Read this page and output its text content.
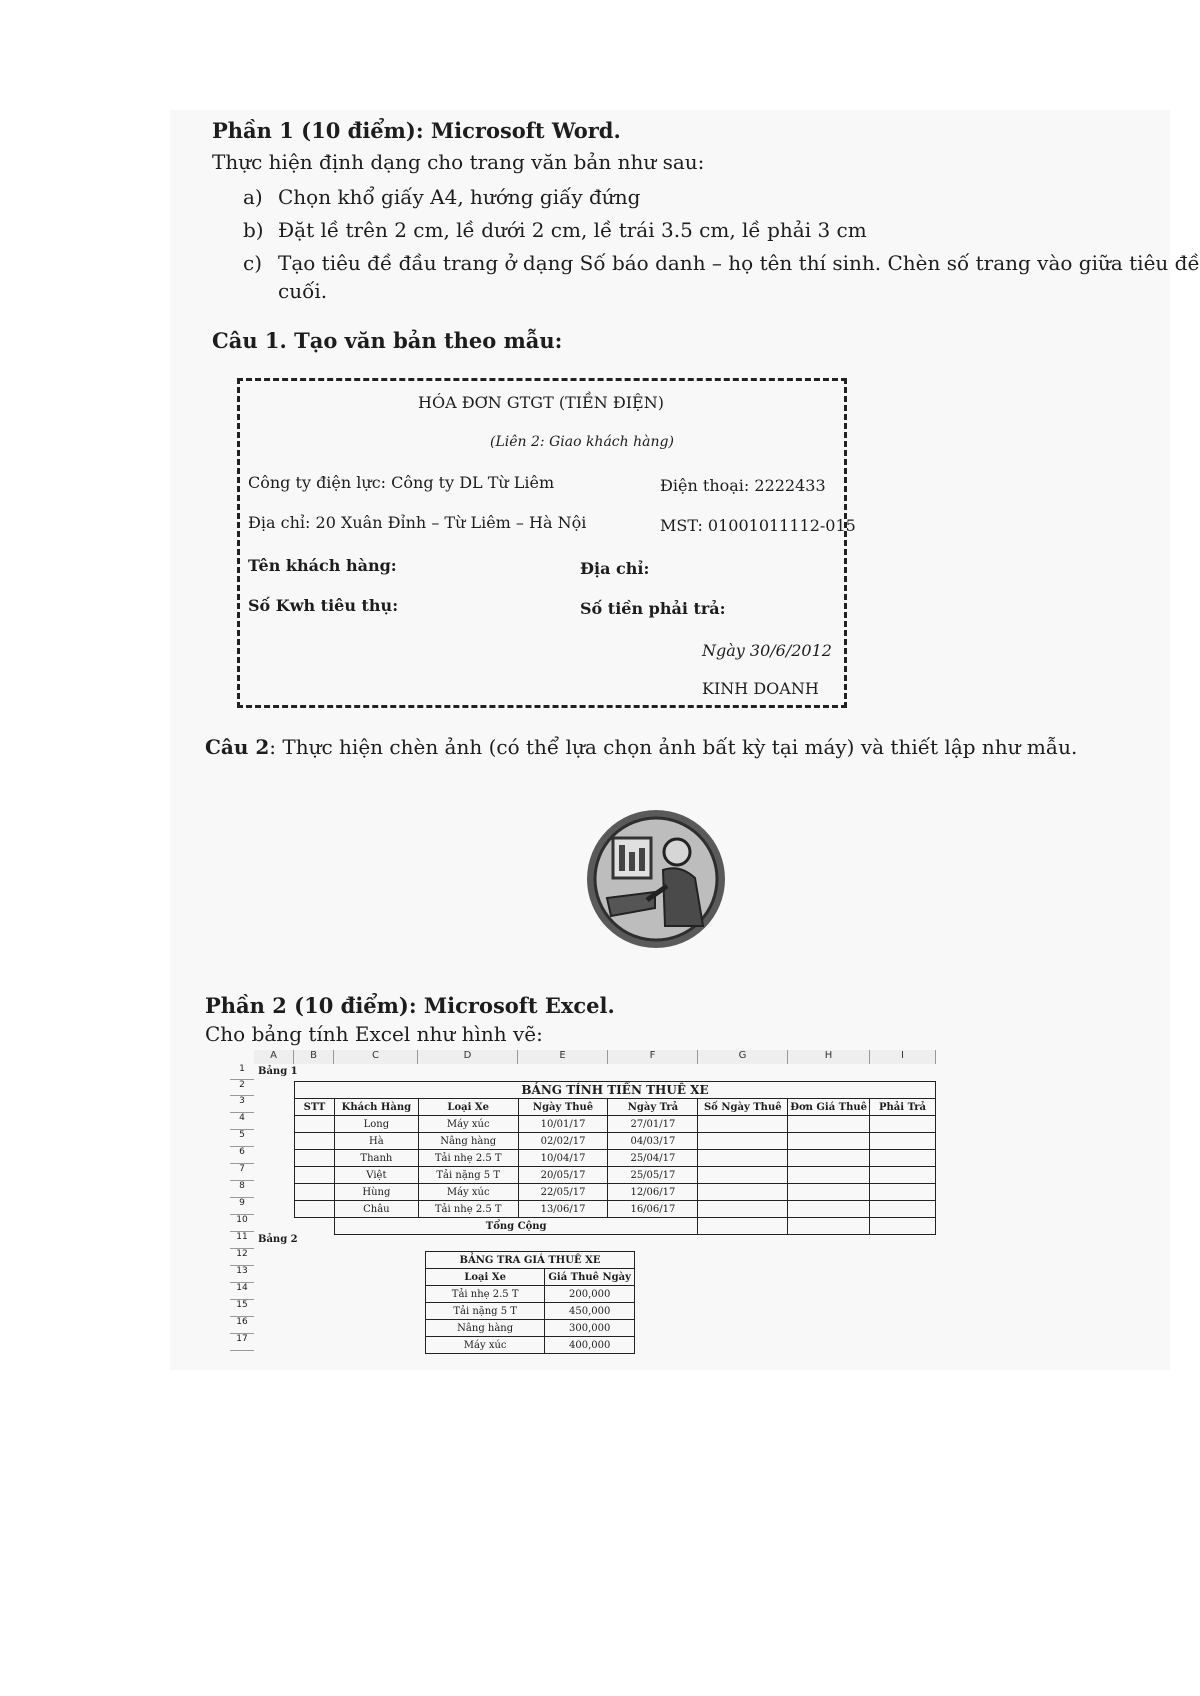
Phần 1 (10 điểm): Microsoft Word.
Thực hiện định dạng cho trang văn bản như sau:
a) Chọn khổ giấy A4, hướng giấy đứng
b) Đặt lề trên 2 cm, lề dưới 2 cm, lề trái 3.5 cm, lề phải 3 cm
c) Tạo tiêu đề đầu trang ở dạng Số báo danh – họ tên thí sinh. Chèn số trang vào giữa tiêu đề
cuối.
Câu 1. Tạo văn bản theo mẫu:
HÓA ĐƠN GTGT (TIỀN ĐIỆN)
(Liên 2: Giao khách hàng)
Công ty điện lực: Công ty DL Từ Liêm	Điện thoại: 2222433
Địa chỉ: 20 Xuân Đỉnh – Từ Liêm – Hà Nội	MST: 01001011112-015
Tên khách hàng:	Địa chỉ:
Số Kwh tiêu thụ:	Số tiền phải trả:
Ngày 30/6/2012
KINH DOANH
Câu 2: Thực hiện chèn ảnh (có thể lựa chọn ảnh bất kỳ tại máy) và thiết lập như mẫu.
Phần 2 (10 điểm): Microsoft Excel.
Cho bảng tính Excel như hình vẽ:
A	B	C	D	E	F	G	H	I
1
2
3
4
5
6
7
8
9
10
11
12
13
14
15
16
17
Bảng 1
Bảng 2
BẢNG TÍNH TIỀN THUÊ XE							
STT	Khách Hàng	Loại Xe	Ngày Thuê	Ngày Trả	Số Ngày Thuê	Đơn Giá Thuê	Phải Trả
	Long	Máy xúc	10/01/17	27/01/17			
	Hà	Nâng hàng	02/02/17	04/03/17			
	Thanh	Tải nhẹ 2.5 T	10/04/17	25/04/17			
	Việt	Tải nặng 5 T	20/05/17	25/05/17			
	Hùng	Máy xúc	22/05/17	12/06/17			
	Châu	Tải nhẹ 2.5 T	13/06/17	16/06/17			
	Tổng Cộng						
BẢNG TRA GIÁ THUÊ XE	
Loại Xe	Giá Thuê Ngày
Tải nhẹ 2.5 T	200,000
Tải nặng 5 T	450,000
Nâng hàng	300,000
Máy xúc	400,000
